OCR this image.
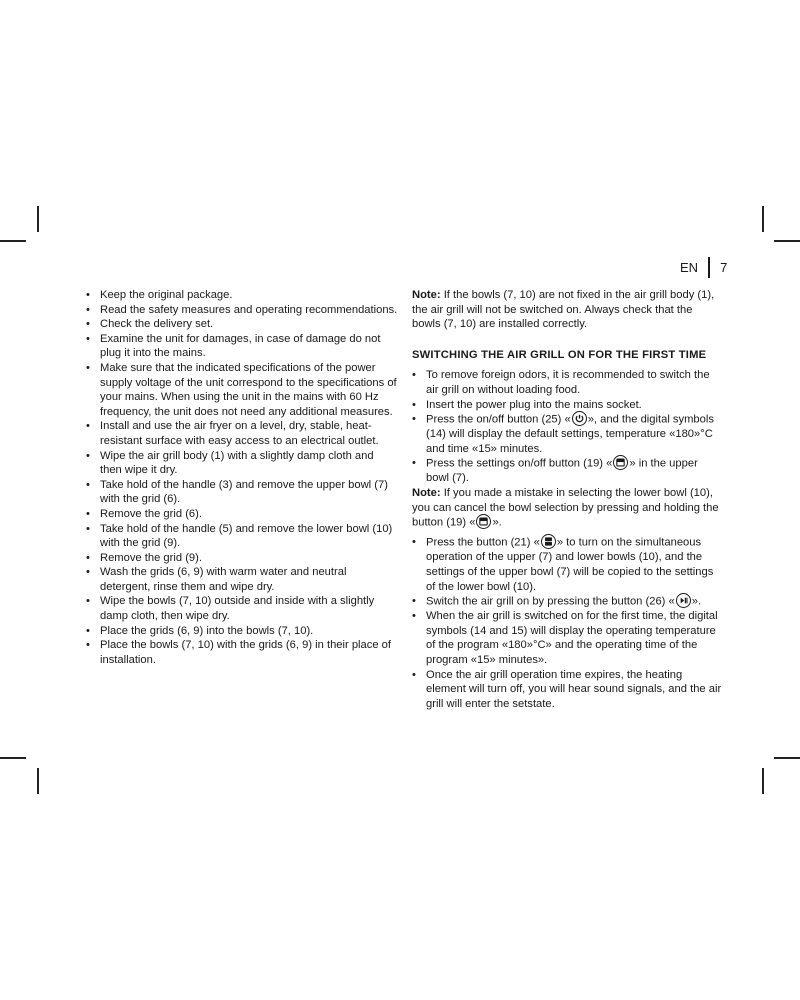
EN 7
• Keep the original package.
• Read the safety measures and operating recommendations.
• Check the delivery set.
• Examine the unit for damages, in case of damage do not plug it into the mains.
• Make sure that the indicated specifications of the power supply voltage of the unit correspond to the specifications of your mains. When using the unit in the mains with 60 Hz frequency, the unit does not need any additional measures.
• Install and use the air fryer on a level, dry, stable, heat-resistant surface with easy access to an electrical outlet.
• Wipe the air grill body (1) with a slightly damp cloth and then wipe it dry.
• Take hold of the handle (3) and remove the upper bowl (7) with the grid (6).
• Remove the grid (6).
• Take hold of the handle (5) and remove the lower bowl (10) with the grid (9).
• Remove the grid (9).
• Wash the grids (6, 9) with warm water and neutral detergent, rinse them and wipe dry.
• Wipe the bowls (7, 10) outside and inside with a slightly damp cloth, then wipe dry.
• Place the grids (6, 9) into the bowls (7, 10).
• Place the bowls (7, 10) with the grids (6, 9) in their place of installation.

Note: If the bowls (7, 10) are not fixed in the air grill body (1), the air grill will not be switched on. Always check that the bowls (7, 10) are installed correctly.

SWITCHING THE AIR GRILL ON FOR THE FIRST TIME
• To remove foreign odors, it is recommended to switch the air grill on without loading food.
• Insert the power plug into the mains socket.
• Press the on/off button (25) « », and the digital symbols (14) will display the default settings, temperature «180»°C and time «15» minutes.
• Press the settings on/off button (19) « » in the upper bowl (7).

Note: If you made a mistake in selecting the lower bowl (10), you can cancel the bowl selection by pressing and holding the button (19) « ».

• Press the button (21) « » to turn on the simultaneous operation of the upper (7) and lower bowls (10), and the settings of the upper bowl (7) will be copied to the settings of the lower bowl (10).
• Switch the air grill on by pressing the button (26) « ».
• When the air grill is switched on for the first time, the digital symbols (14 and 15) will display the operating temperature of the program «180»°C» and the operating time of the program «15» minutes».
• Once the air grill operation time expires, the heating element will turn off, you will hear sound signals, and the air grill will enter the setstate.
